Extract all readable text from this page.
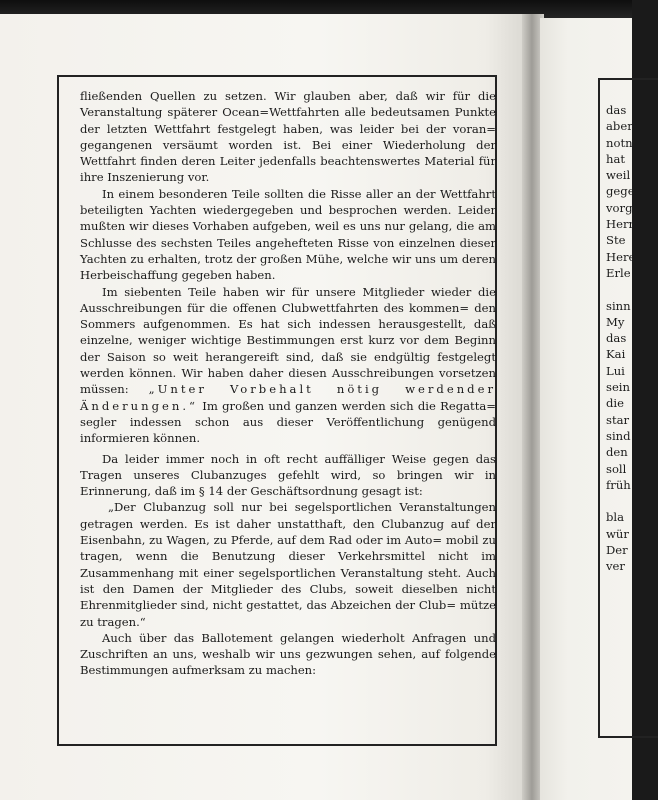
fließenden Quellen zu setzen. Wir glauben aber, daß wir für die Veranstaltung späterer Ocean=Wettfahrten alle bedeutsamen Punkte der letzten Wettfahrt festgelegt haben, was leider bei der voran= gegangenen versäumt worden ist. Bei einer Wiederholung der Wettfahrt finden deren Leiter jedenfalls beachtenswertes Material für ihre Inszenierung vor.

In einem besonderen Teile sollten die Risse aller an der Wettfahrt beteiligten Yachten wiedergegeben und besprochen werden. Leider mußten wir dieses Vorhaben aufgeben, weil es uns nur gelang, die am Schlusse des sechsten Teiles angehefteten Risse von einzelnen dieser Yachten zu erhalten, trotz der großen Mühe, welche wir uns um deren Herbeischaffung gegeben haben.

Im siebenten Teile haben wir für unsere Mitglieder wieder die Ausschreibungen für die offenen Clubwettfahrten des kommen= den Sommers aufgenommen. Es hat sich indessen herausgestellt, daß einzelne, weniger wichtige Bestimmungen erst kurz vor dem Beginn der Saison so weit herangereift sind, daß sie endgültig festgelegt werden können. Wir haben daher diesen Ausschreibungen vorsetzen müssen: „Unter Vorbehalt nötig werdender Änderungen.“ Im großen und ganzen werden sich die Regatta= segler indessen schon aus dieser Veröffentlichung genügend informieren können.

Da leider immer noch in oft recht auffälliger Weise gegen das Tragen unseres Clubanzuges gefehlt wird, so bringen wir in Erinnerung, daß im § 14 der Geschäftsordnung gesagt ist:

„Der Clubanzug soll nur bei segelsportlichen Veranstaltungen getragen werden. Es ist daher unstatthaft, den Clubanzug auf der Eisenbahn, zu Wagen, zu Pferde, auf dem Rad oder im Auto= mobil zu tragen, wenn die Benutzung dieser Verkehrsmittel nicht im Zusammenhang mit einer segelsportlichen Veranstaltung steht. Auch ist den Damen der Mitglieder des Clubs, soweit dieselben nicht Ehrenmitglieder sind, nicht gestattet, das Abzeichen der Club= mütze zu tragen.“

Auch über das Ballotement gelangen wiederholt Anfragen und Zuschriften an uns, weshalb wir uns gezwungen sehen, auf folgende Bestimmungen aufmerksam zu machen:

das
aber
notn
hat
weil
gege
vorg
Herr
Ste
Here
Erle
sinn
My
das
Kai
Lui
sein
die
star
sind
den
soll
früh
bla
wür
Der
ver
